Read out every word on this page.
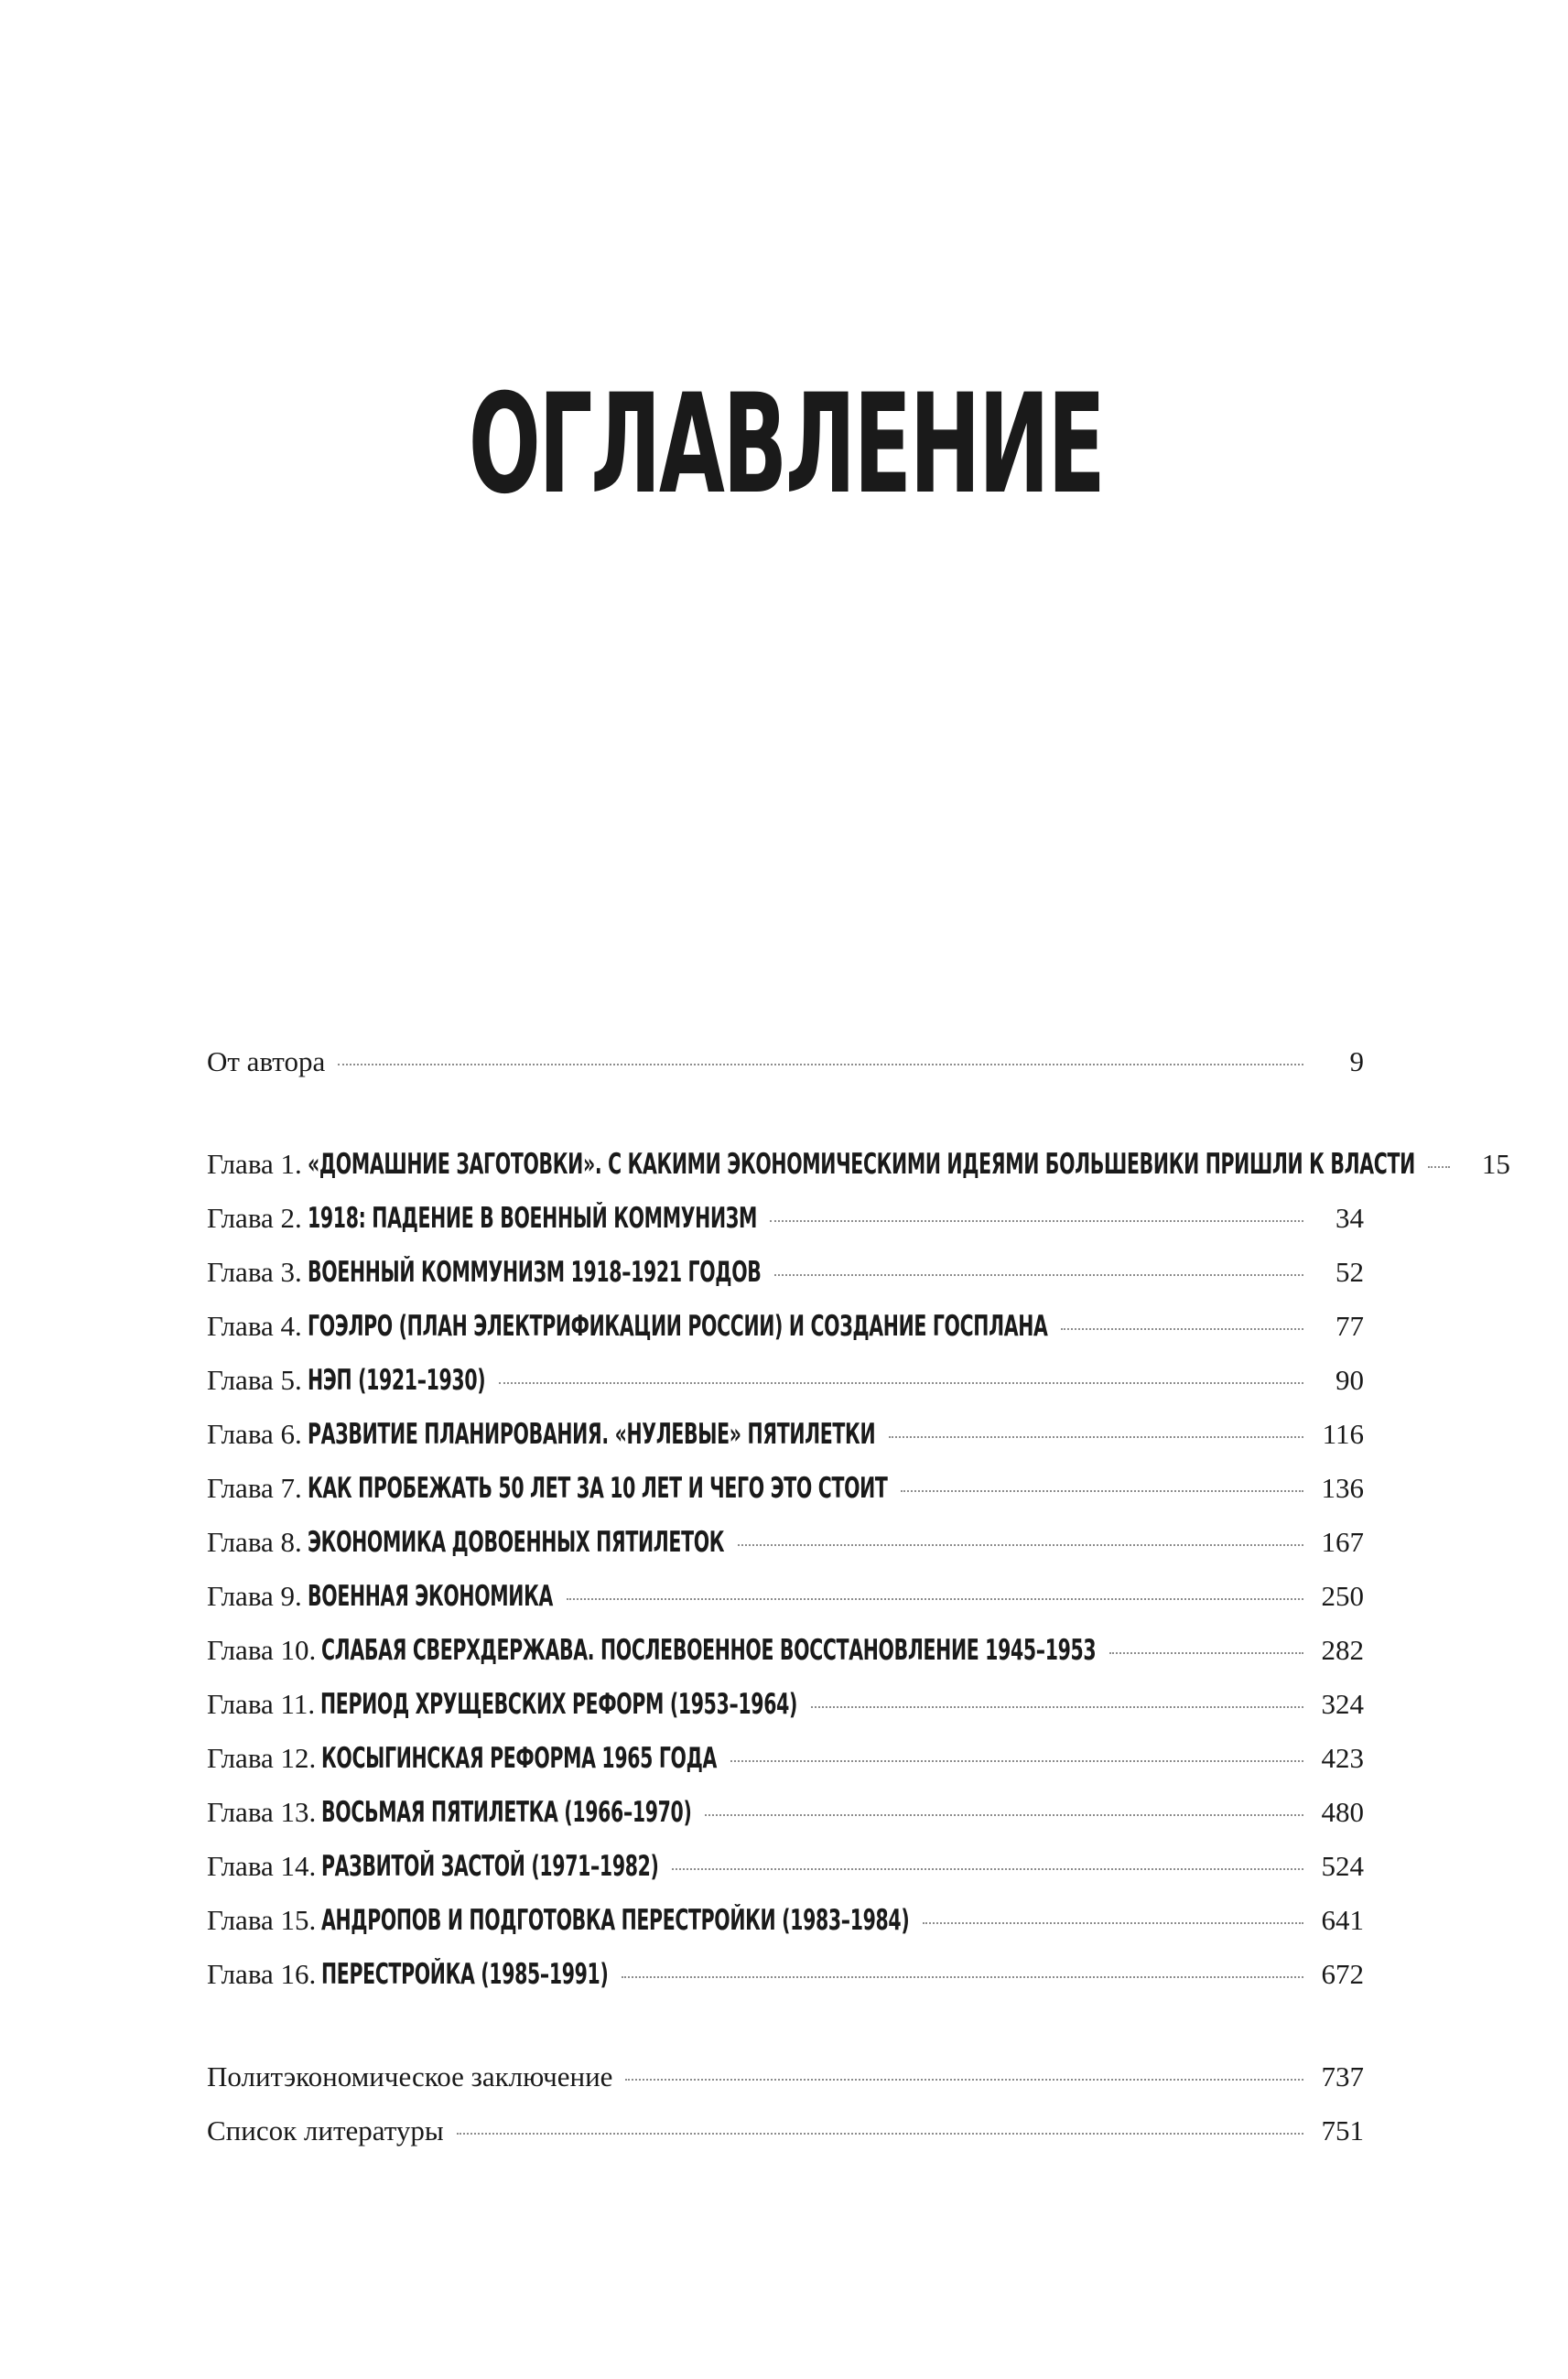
ОГЛАВЛЕНИЕ
От автора	9
Глава 1. «ДОМАШНИЕ ЗАГОТОВКИ». С КАКИМИ ЭКОНОМИЧЕСКИМИ ИДЕЯМИ БОЛЬШЕВИКИ ПРИШЛИ К ВЛАСТИ	15
Глава 2. 1918: ПАДЕНИЕ В ВОЕННЫЙ КОММУНИЗМ	34
Глава 3. ВОЕННЫЙ КОММУНИЗМ 1918–1921 ГОДОВ	52
Глава 4. ГОЭЛРО (ПЛАН ЭЛЕКТРИФИКАЦИИ РОССИИ) И СОЗДАНИЕ ГОСПЛАНА	77
Глава 5. НЭП (1921–1930)	90
Глава 6. РАЗВИТИЕ ПЛАНИРОВАНИЯ. «НУЛЕВЫЕ» ПЯТИЛЕТКИ	116
Глава 7. КАК ПРОБЕЖАТЬ 50 ЛЕТ ЗА 10 ЛЕТ И ЧЕГО ЭТО СТОИТ	136
Глава 8. ЭКОНОМИКА ДОВОЕННЫХ ПЯТИЛЕТОК	167
Глава 9. ВОЕННАЯ ЭКОНОМИКА	250
Глава 10. СЛАБАЯ СВЕРХДЕРЖАВА. ПОСЛЕВОЕННОЕ ВОССТАНОВЛЕНИЕ 1945–1953	282
Глава 11. ПЕРИОД ХРУЩЕВСКИХ РЕФОРМ (1953–1964)	324
Глава 12. КОСЫГИНСКАЯ РЕФОРМА 1965 ГОДА	423
Глава 13. ВОСЬМАЯ ПЯТИЛЕТКА (1966–1970)	480
Глава 14. РАЗВИТОЙ ЗАСТОЙ (1971–1982)	524
Глава 15. АНДРОПОВ И ПОДГОТОВКА ПЕРЕСТРОЙКИ (1983–1984)	641
Глава 16. ПЕРЕСТРОЙКА (1985–1991)	672
Политэкономическое заключение	737
Список литературы	751
